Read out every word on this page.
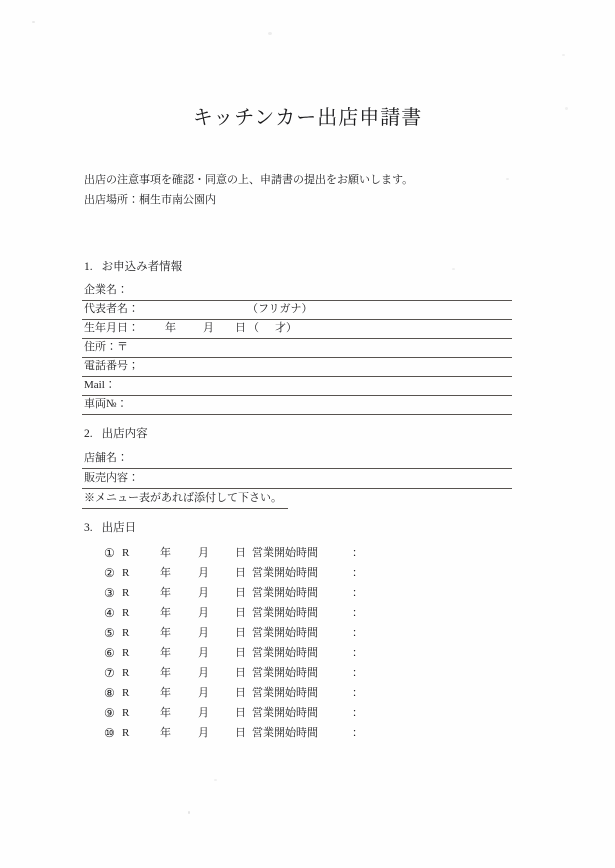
キッチンカー出店申請書
出店の注意事項を確認・同意の上、申請書の提出をお願いします。
出店場所：桐生市南公園内
1. お申込み者情報
企業名：
代表者名：	（フリガナ）
生年月日： 年 月 日 （ 才）
住所：〒
電話番号；
Mail：
車両№：
2. 出店内容
店舗名：
販売内容：
※メニュー表があれば添付して下さい。
3. 出店日
① R	年 月 日 営業開始時間	：
② R	年 月 日 営業開始時間	：
③ R	年 月 日 営業開始時間	：
④ R	年 月 日 営業開始時間	：
⑤ R	年 月 日 営業開始時間	：
⑥ R	年 月 日 営業開始時間	：
⑦ R	年 月 日 営業開始時間	：
⑧ R	年 月 日 営業開始時間	：
⑨ R	年 月 日 営業開始時間	：
⑩ R	年 月 日 営業開始時間	：
